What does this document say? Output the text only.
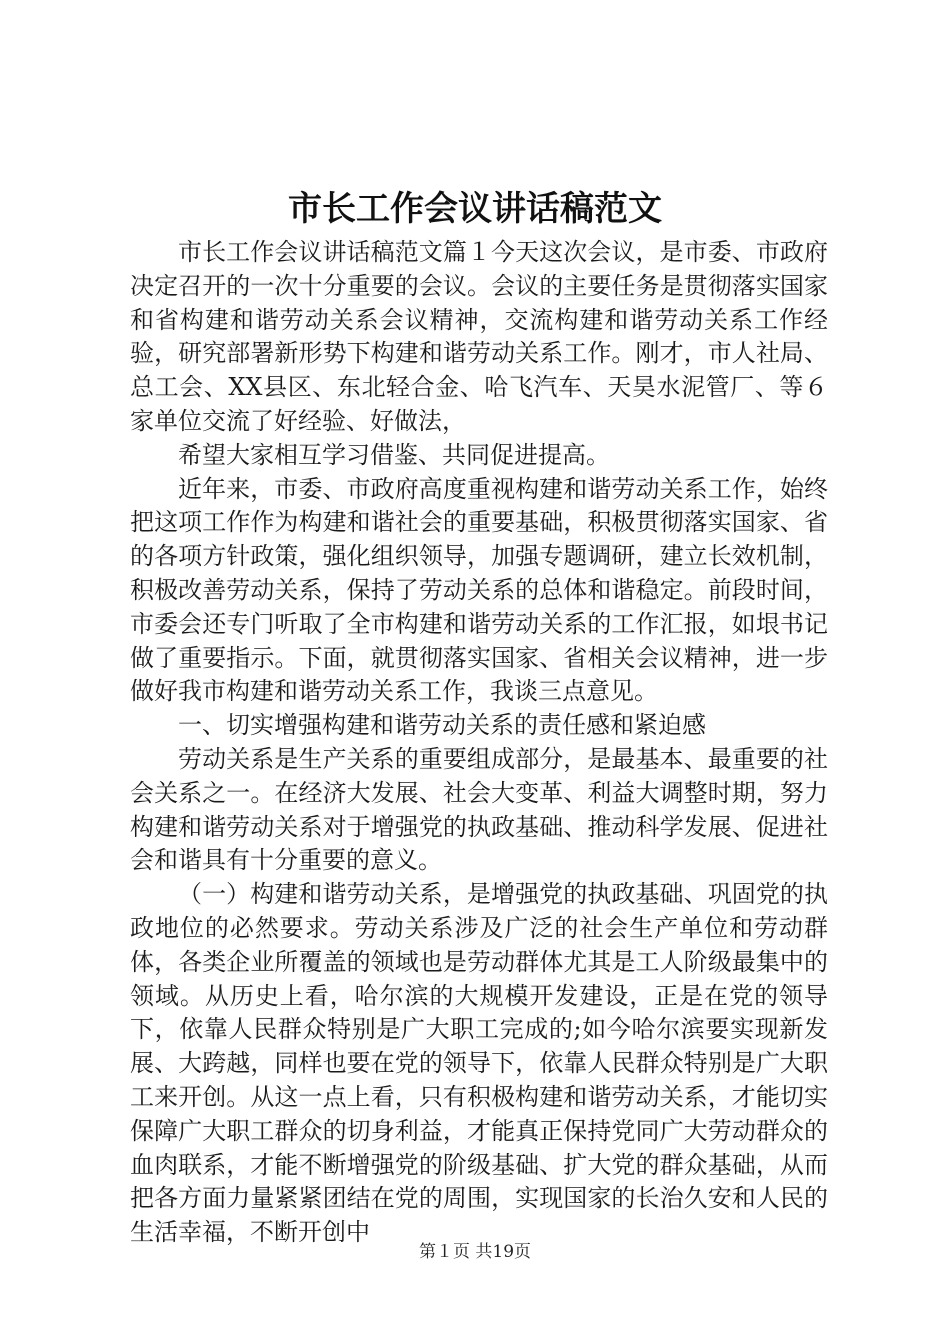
市长工作会议讲话稿范文

市长工作会议讲话稿范文篇１今天这次会议，是市委、市政府决定召开的一次十分重要的会议。会议的主要任务是贯彻落实国家和省构建和谐劳动关系会议精神，交流构建和谐劳动关系工作经验，研究部署新形势下构建和谐劳动关系工作。刚才，市人社局、总工会、XX县区、东北轻合金、哈飞汽车、天昊水泥管厂、等６家单位交流了好经验、好做法，

希望大家相互学习借鉴、共同促进提高。

近年来，市委、市政府高度重视构建和谐劳动关系工作，始终把这项工作作为构建和谐社会的重要基础，积极贯彻落实国家、省的各项方针政策，强化组织领导，加强专题调研，建立长效机制，积极改善劳动关系，保持了劳动关系的总体和谐稳定。前段时间，市委会还专门听取了全市构建和谐劳动关系的工作汇报，如垠书记做了重要指示。下面，就贯彻落实国家、省相关会议精神，进一步做好我市构建和谐劳动关系工作，我谈三点意见。

一、切实增强构建和谐劳动关系的责任感和紧迫感

劳动关系是生产关系的重要组成部分，是最基本、最重要的社会关系之一。在经济大发展、社会大变革、利益大调整时期，努力构建和谐劳动关系对于增强党的执政基础、推动科学发展、促进社会和谐具有十分重要的意义。

（一）构建和谐劳动关系，是增强党的执政基础、巩固党的执政地位的必然要求。劳动关系涉及广泛的社会生产单位和劳动群体，各类企业所覆盖的领域也是劳动群体尤其是工人阶级最集中的领域。从历史上看，哈尔滨的大规模开发建设，正是在党的领导下，依靠人民群众特别是广大职工完成的;如今哈尔滨要实现新发展、大跨越，同样也要在党的领导下，依靠人民群众特别是广大职工来开创。从这一点上看，只有积极构建和谐劳动关系，才能切实保障广大职工群众的切身利益，才能真正保持党同广大劳动群众的血肉联系，才能不断增强党的阶级基础、扩大党的群众基础，从而把各方面力量紧紧团结在党的周围，实现国家的长治久安和人民的生活幸福，不断开创中

第１页 共19页
